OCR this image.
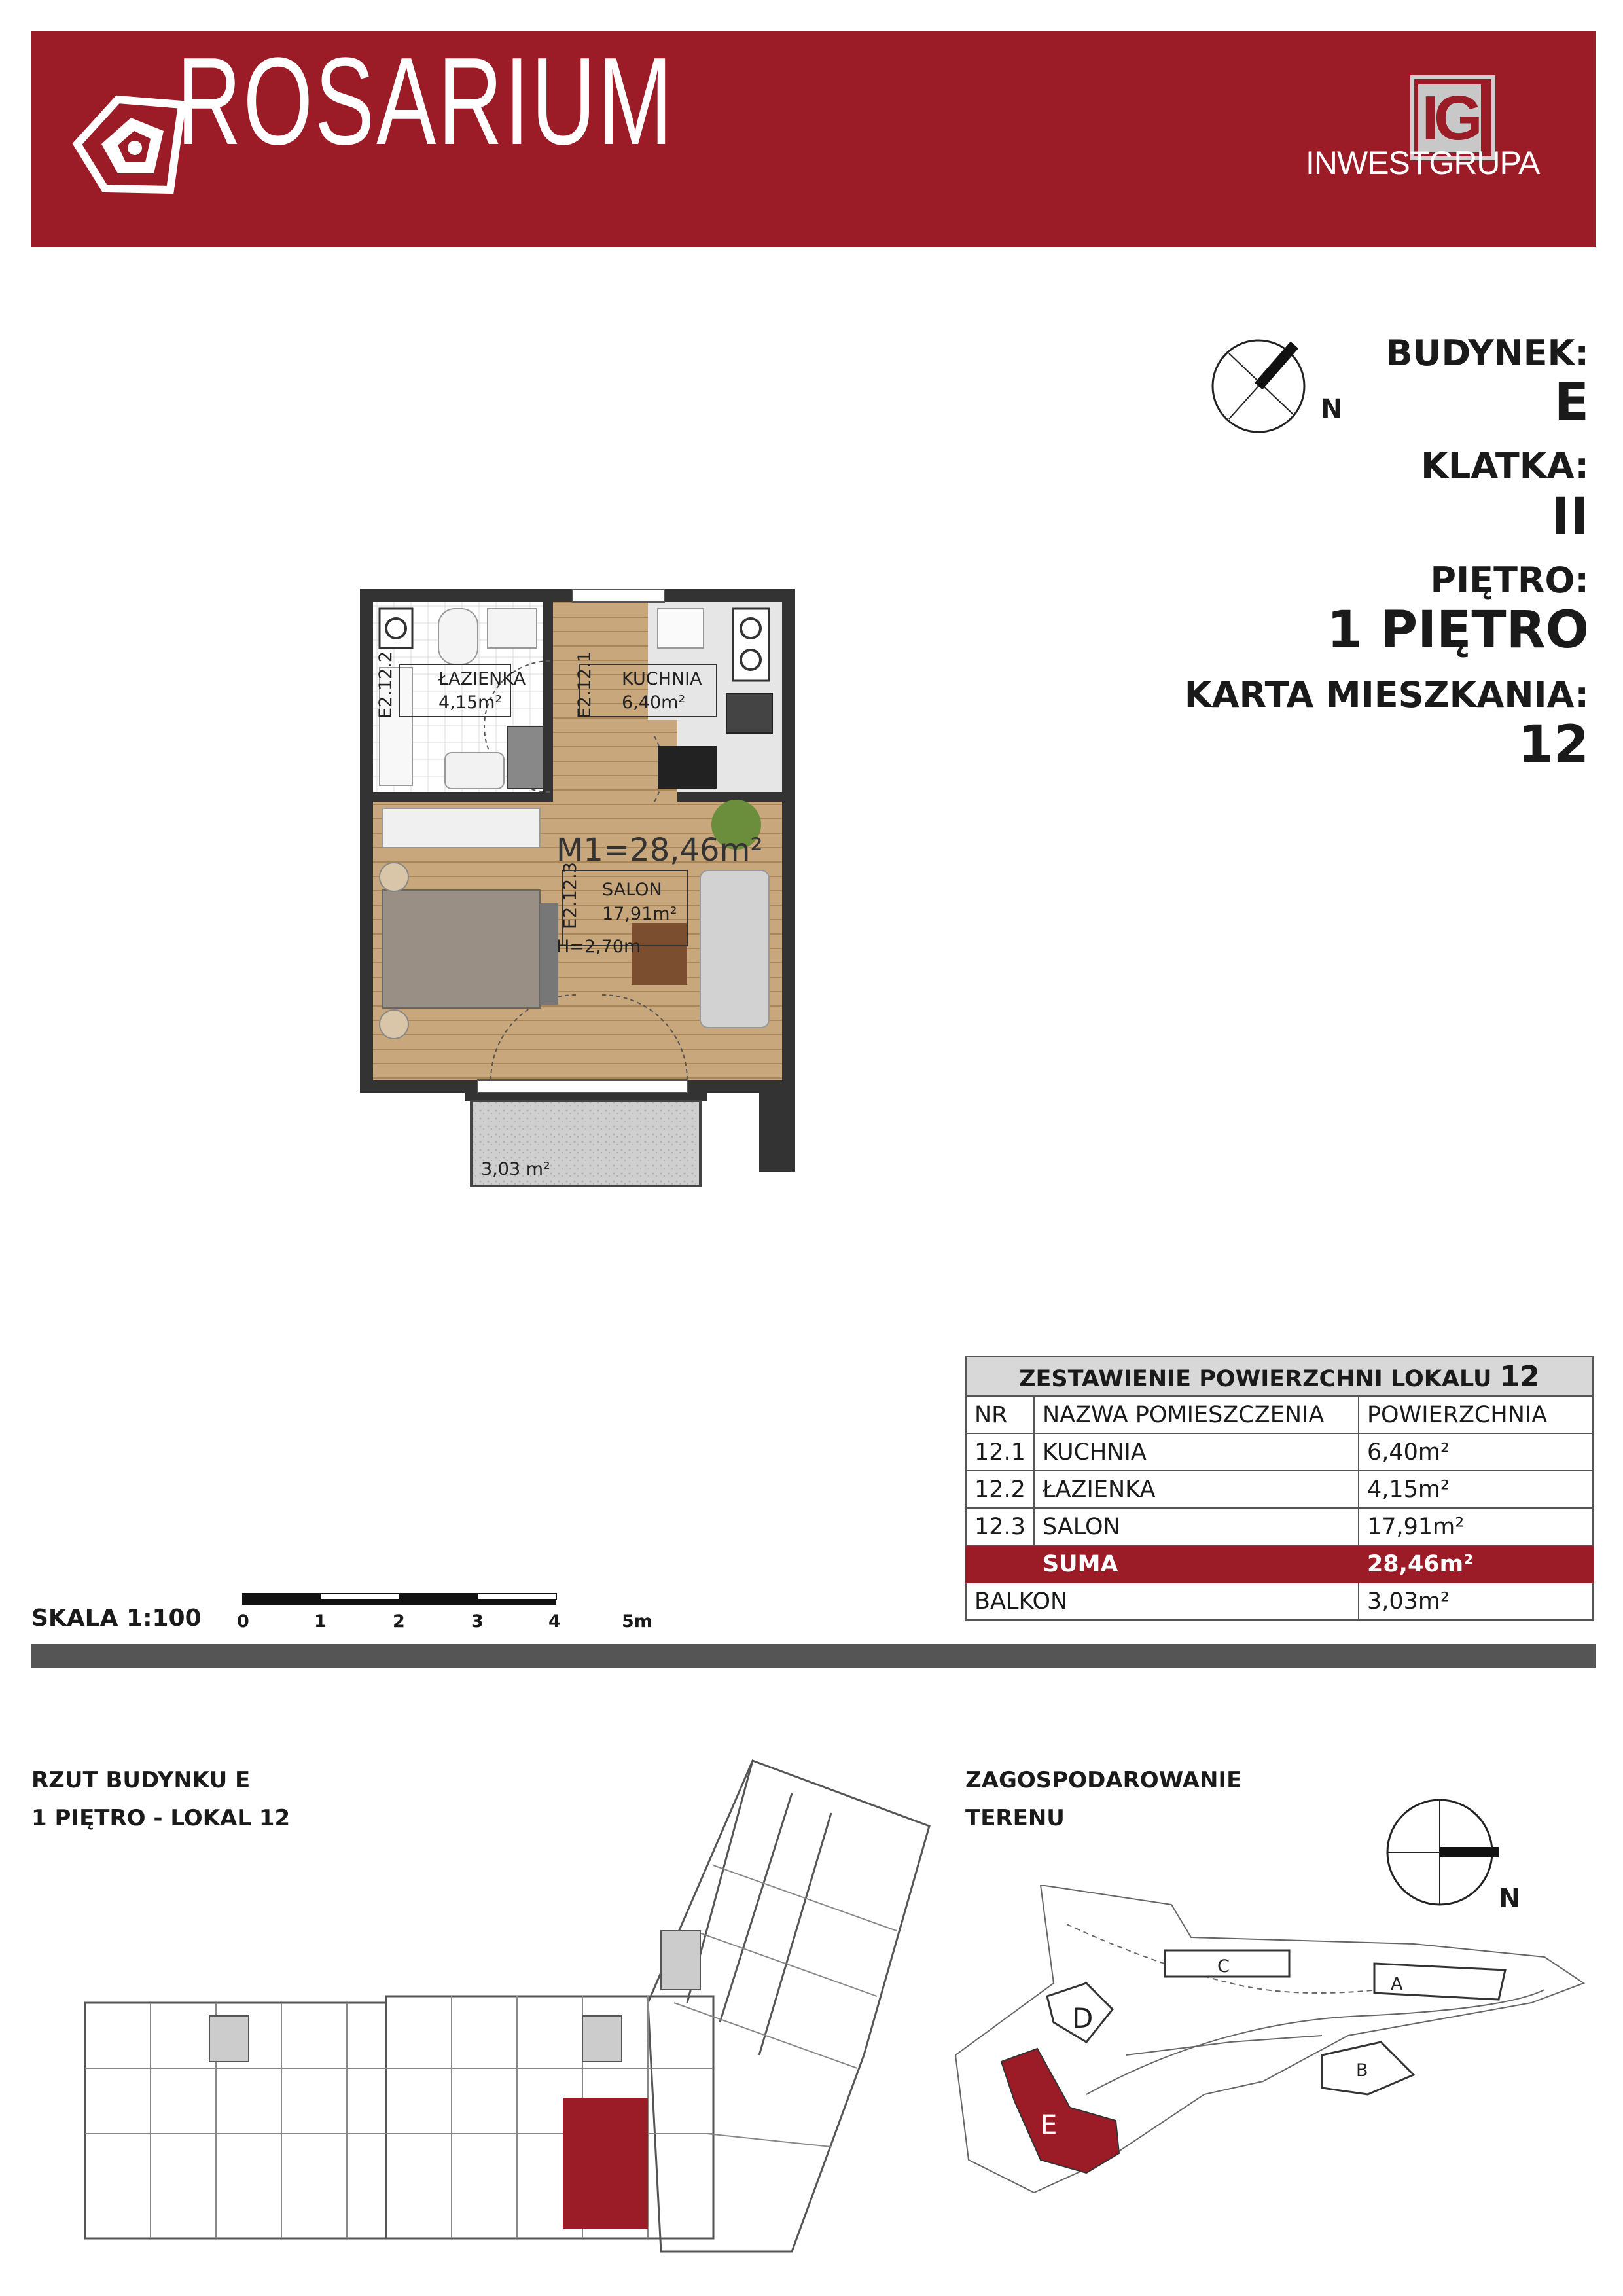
ROSARIUM	IG
INWESTGRUPA
N
BUDYNEK:
E
KLATKA:
II
PIĘTRO:
1 PIĘTRO
KARTA MIESZKANIA:
12
E2.12.2 ŁAZIENKA
4,15m²	E2.12.1 KUCHNIA
6,40m²
M1=28,46m²
E2.12.3 SALON
17,91m²
H=2,70m
3,03 m²
ZESTAWIENIE POWIERZCHNI LOKALU 12		
NR	NAZWA POMIESZCZENIA	POWIERZCHNIA
12.1	KUCHNIA	6,40m²
12.2	ŁAZIENKA	4,15m²
12.3	SALON	17,91m²
	SUMA	28,46m²
BALKON		3,03m²
SKALA 1:100 0	1	2	3	4	5m
RZUT BUDYNKU E
1 PIĘTRO - LOKAL 12
ZAGOSPODAROWANIE
TERENU
N
A
B
C
D
E
